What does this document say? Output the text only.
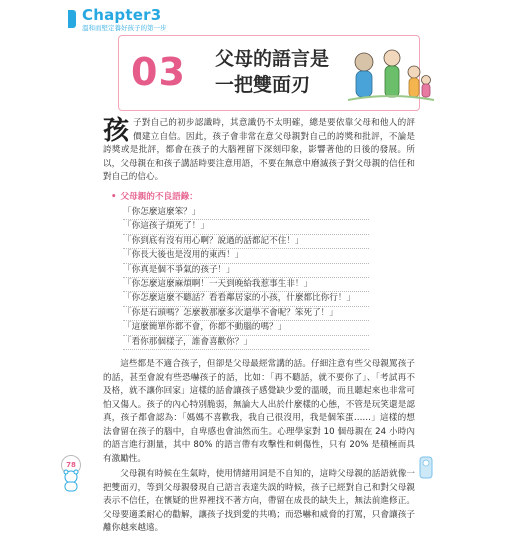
Chapter3
溫和而堅定養好孩子的第一步
03 父母的語言是
一把雙面刃

孩子對自己的初步認識時，其意識仍不太明確，總是要依靠父母和他人的評價建立自信。因此，孩子會非常在意父母親對自己的誇獎和批評，不論是誇獎或是批評，都會在孩子的大腦裡留下深刻印象，影響著他的日後的發展。所以，父母親在和孩子講話時要注意用語，不要在無意中磨滅孩子對父母親的信任和對自己的信心。

• 父母親的不良語錄：
「你怎麼這麼笨？」
「你這孩子煩死了！」
「你到底有沒有用心啊？說過的話都記不住！」
「你長大後也是沒用的東西！」
「你真是個不爭氣的孩子！」
「你怎麼這麼麻煩啊！一天到晚給我惹事生非！」
「你怎麼這麼不聽話？看看鄰居家的小孩，什麼都比你行！」
「你是石頭嗎？怎麼教那麼多次還學不會呢？笨死了！」
「這麼簡單你都不會，你都不動腦的嗎？」
「看你那個樣子，誰會喜歡你？」

這些都是不適合孩子，但卻是父母最經常講的話。仔細注意有些父母親罵孩子的話，甚至會說有些恐嚇孩子的話，比如：「再不聽話，就不要你了」、「考試再不及格，就不讓你回家」這樣的話會讓孩子感覺缺少愛的溫暖，而且聽起來也非常可怕又傷人。孩子的內心特別脆弱，無論大人出於什麼樣的心態，不管是玩笑還是認真，孩子都會認為：「媽媽不喜歡我，我自己很沒用，我是個笨蛋……」這樣的想法會留在孩子的腦中，自卑感也會油然而生。心理學家對 10 個母親在 24 小時內的語言進行測量，其中 80% 的語言帶有攻擊性和刺傷性，只有 20% 是積極而具有激勵性。

父母親有時候在生氣時，使用情緒用詞是不自知的，這時父母親的話語就像一把雙面刃，等到父母親發現自己語言表達失誤的時候，孩子已經對自己和對父母親表示不信任，在懷疑的世界裡找不著方向，帶留在成長的缺失上，無法前進修正。父母要適柔耐心的勸解，讓孩子找到愛的共鳴；而恐嚇和威脅的打罵，只會讓孩子離你越來越遠。

78
